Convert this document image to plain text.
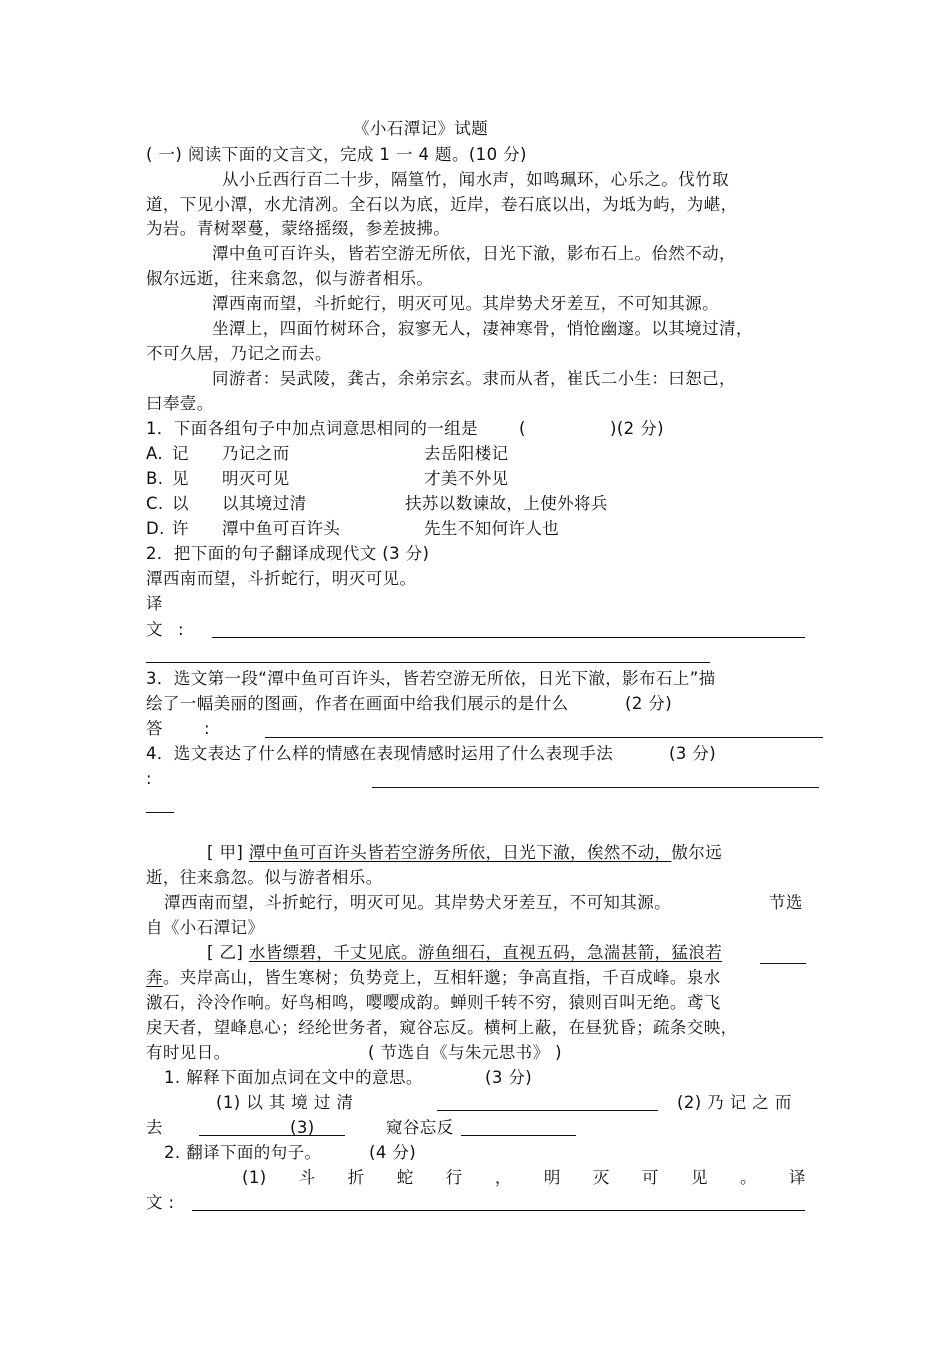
《小石潭记》试题
( 一) 阅读下面的文言文，完成 1 一 4 题。(10 分)
从小丘西行百二十步，隔篁竹，闻水声，如鸣珮环，心乐之。伐竹取
道，下见小潭，水尤清冽。全石以为底，近岸，卷石底以出，为坻为屿，为嵁，
为岩。青树翠蔓，蒙络摇缀，参差披拂。
潭中鱼可百许头，皆若空游无所依，日光下澈，影布石上。佁然不动，
俶尔远逝，往来翕忽，似与游者相乐。
潭西南而望，斗折蛇行，明灭可见。其岸势犬牙差互，不可知其源。
坐潭上，四面竹树环合，寂寥无人，凄神寒骨，悄怆幽邃。以其境过清，
不可久居，乃记之而去。
同游者：吴武陵，龚古，余弟宗玄。隶而从者，崔氏二小生：曰恕己，
曰奉壹。
1．下面各组句子中加点词意思相同的一组是 (	)(2 分)
A. 记 乃记之而	去岳阳楼记
B. 见 明灭可见	才美不外见
C. 以 以其境过清	扶苏以数谏故，上使外将兵
D. 许 潭中鱼可百许头	先生不知何许人也
2．把下面的句子翻译成现代文 (3 分)
潭西南而望，斗折蛇行，明灭可见。
译
文 :
3．选文第一段“潭中鱼可百许头，皆若空游无所依，日光下澈，影布石上”描
绘了一幅美丽的图画，作者在画面中给我们展示的是什么	(2 分)
答 :
4．选文表达了什么样的情感在表现情感时运用了什么表现手法	(3 分)
:
[ 甲] 潭中鱼可百许头皆若空游务所依，日光下澈，俟然不动，傲尔远
逝，往来翕忽。似与游者相乐。
潭西南而望，斗折蛇行，明灭可见。其岸势犬牙差互，不可知其源。	节选
自《小石潭记》
[ 乙] 水皆缥碧，千丈见底。游鱼细石，直视五码，急湍甚箭，猛浪若
奔。夹岸高山，皆生寒树；负势竞上，互相轩邈；争高直指，千百成峰。泉水
激石，泠泠作响。好鸟相鸣，嘤嘤成韵。蝉则千转不穷，猿则百叫无绝。鸢飞
戾天者，望峰息心；经纶世务者，窥谷忘反。横柯上蔽，在昼犹昏；疏条交映，
有时见日。	( 节选自《与朱元思书》 )
1. 解释下面加点词在文中的意思。	(3 分)
(1) 以 其 境 过 清	(2) 乃 记 之 而
去	(3)	窥谷忘反
2. 翻译下面的句子。	(4 分)
(1) 斗 折 蛇 行 ， 明 灭 可 见 。 译
文 :
